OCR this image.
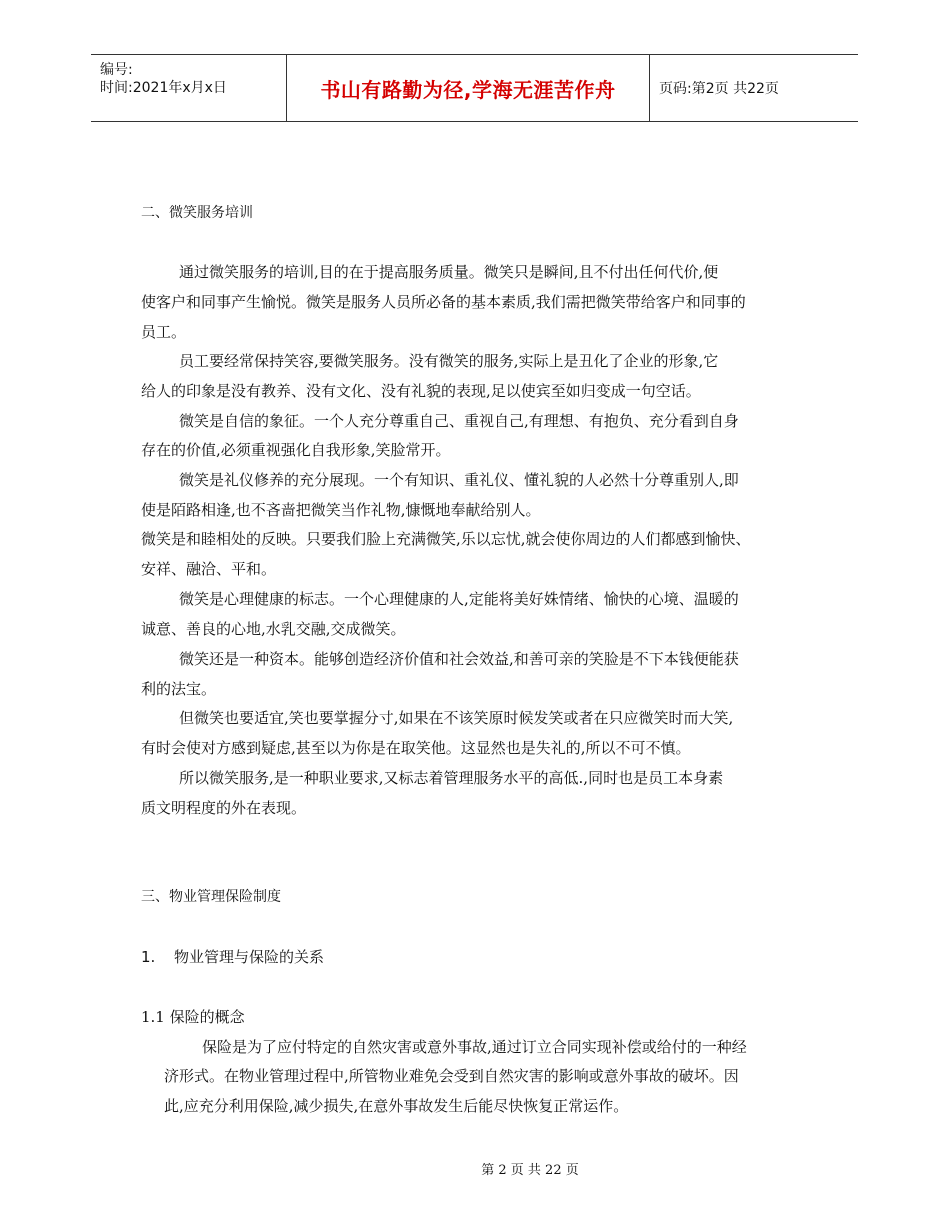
编号:
时间:2021年x月x日	书山有路勤为径,学海无涯苦作舟	页码:第2页 共22页
二、微笑服务培训
通过微笑服务的培训,目的在于提高服务质量。微笑只是瞬间,且不付出任何代价,便
使客户和同事产生愉悦。微笑是服务人员所必备的基本素质,我们需把微笑带给客户和同事的
员工。
员工要经常保持笑容,要微笑服务。没有微笑的服务,实际上是丑化了企业的形象,它
给人的印象是没有教养、没有文化、没有礼貌的表现,足以使宾至如归变成一句空话。
微笑是自信的象征。一个人充分尊重自己、重视自己,有理想、有抱负、充分看到自身
存在的价值,必须重视强化自我形象,笑脸常开。
微笑是礼仪修养的充分展现。一个有知识、重礼仪、懂礼貌的人必然十分尊重别人,即
使是陌路相逢,也不吝啬把微笑当作礼物,慷慨地奉献给别人。
微笑是和睦相处的反映。只要我们脸上充满微笑,乐以忘忧,就会使你周边的人们都感到愉快、
安祥、融洽、平和。
微笑是心理健康的标志。一个心理健康的人,定能将美好姝情绪、愉快的心境、温暖的
诚意、善良的心地,水乳交融,交成微笑。
微笑还是一种资本。能够创造经济价值和社会效益,和善可亲的笑脸是不下本钱便能获
利的法宝。
但微笑也要适宜,笑也要掌握分寸,如果在不该笑原时候发笑或者在只应微笑时而大笑,
有时会使对方感到疑虑,甚至以为你是在取笑他。这显然也是失礼的,所以不可不慎。
所以微笑服务,是一种职业要求,又标志着管理服务水平的高低.,同时也是员工本身素
质文明程度的外在表现。
三、物业管理保险制度
1. 物业管理与保险的关系
1.1 保险的概念
保险是为了应付特定的自然灾害或意外事故,通过订立合同实现补偿或给付的一种经
济形式。在物业管理过程中,所管物业难免会受到自然灾害的影响或意外事故的破坏。因
此,应充分利用保险,减少损失,在意外事故发生后能尽快恢复正常运作。
第 2 页 共 22 页
